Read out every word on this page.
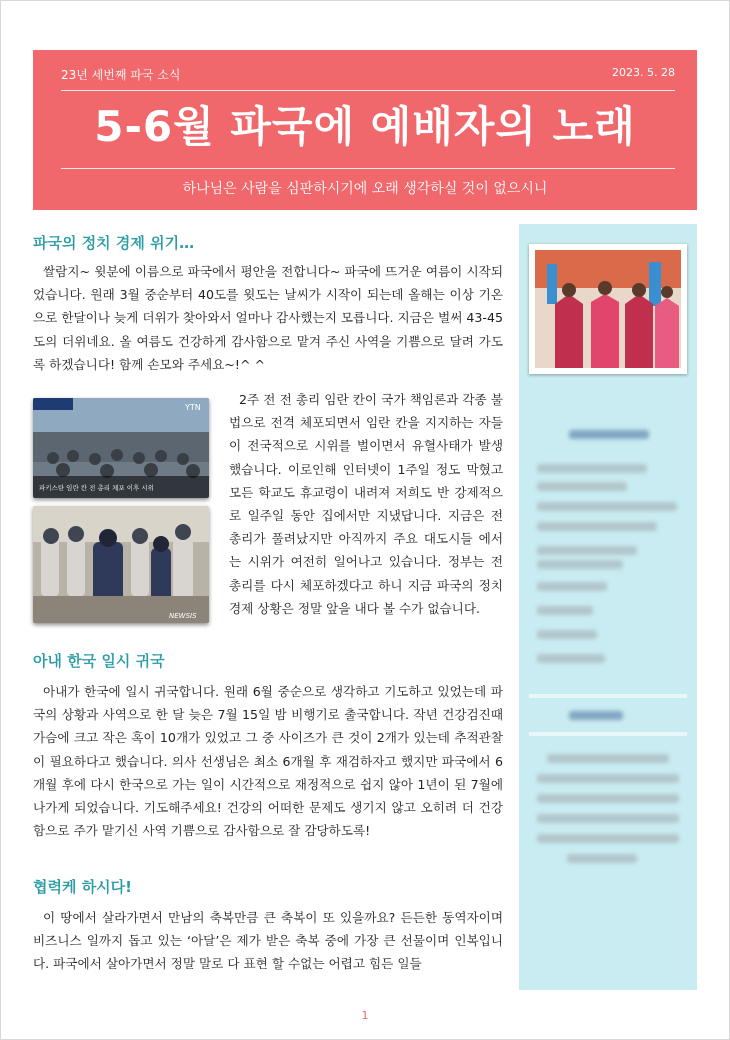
23년 세번째 파국 소식	2023. 5. 28
5-6월 파국에 예배자의 노래
하나님은 사람을 심판하시기에 오래 생각하실 것이 없으시니
파국의 정치 경제 위기…

쌀람지~ 윗분에 이름으로 파국에서 평안을 전합니다~ 파국에 뜨거운 여름이 시작되었습니다. 원래 3월 중순부터 40도를 윗도는 날씨가 시작이 되는데 올해는 이상 기온으로 한달이나 늦게 더위가 찾아와서 얼마나 감사했는지 모릅니다. 지금은 벌써 43-45도의 더위네요. 올 여름도 건강하게 감사함으로 맡겨 주신 사역을 기쁨으로 달려 가도록 하겠습니다! 함께 손모와 주세요~!^ ^

YTN
파키스탄 임란 칸 전 총리 체포 이후 시위
NEWSIS

2주 전 전 총리 임란 칸이 국가 책임론과 각종 불법으로 전격 체포되면서 임란 칸을 지지하는 자들이 전국적으로 시위를 벌이면서 유혈사태가 발생했습니다. 이로인해 인터넷이 1주일 정도 막혔고 모든 학교도 휴교령이 내려져 저희도 반 강제적으로 일주일 동안 집에서만 지냈답니다. 지금은 전 총리가 풀려났지만 아직까지 주요 대도시들 에서는 시위가 여전히 일어나고 있습니다. 정부는 전 총리를 다시 체포하겠다고 하니 지금 파국의 정치 경제 상황은 정말 앞을 내다 볼 수가 없습니다.

아내 한국 일시 귀국

아내가 한국에 일시 귀국합니다. 원래 6월 중순으로 생각하고 기도하고 있었는데 파국의 상황과 사역으로 한 달 늦은 7월 15일 밤 비행기로 출국합니다. 작년 건강검진때 가슴에 크고 작은 혹이 10개가 있었고 그 중 사이즈가 큰 것이 2개가 있는데 추적관찰이 필요하다고 했습니다. 의사 선생님은 최소 6개월 후 재검하자고 했지만 파국에서 6개월 후에 다시 한국으로 가는 일이 시간적으로 재정적으로 쉽지 않아 1년이 된 7월에 나가게 되었습니다. 기도해주세요! 건강의 어떠한 문제도 생기지 않고 오히려 더 건강함으로 주가 맡기신 사역 기쁨으로 감사함으로 잘 감당하도록!

협력케 하시다!

이 땅에서 살라가면서 만남의 축복만큼 큰 축복이 또 있을까요? 든든한 동역자이며 비즈니스 일까지 돕고 있는 ‘아달’은 제가 받은 축복 중에 가장 큰 선물이며 인복입니다. 파국에서 살아가면서 정말 말로 다 표현 할 수없는 어렵고 힘든 일들

1
